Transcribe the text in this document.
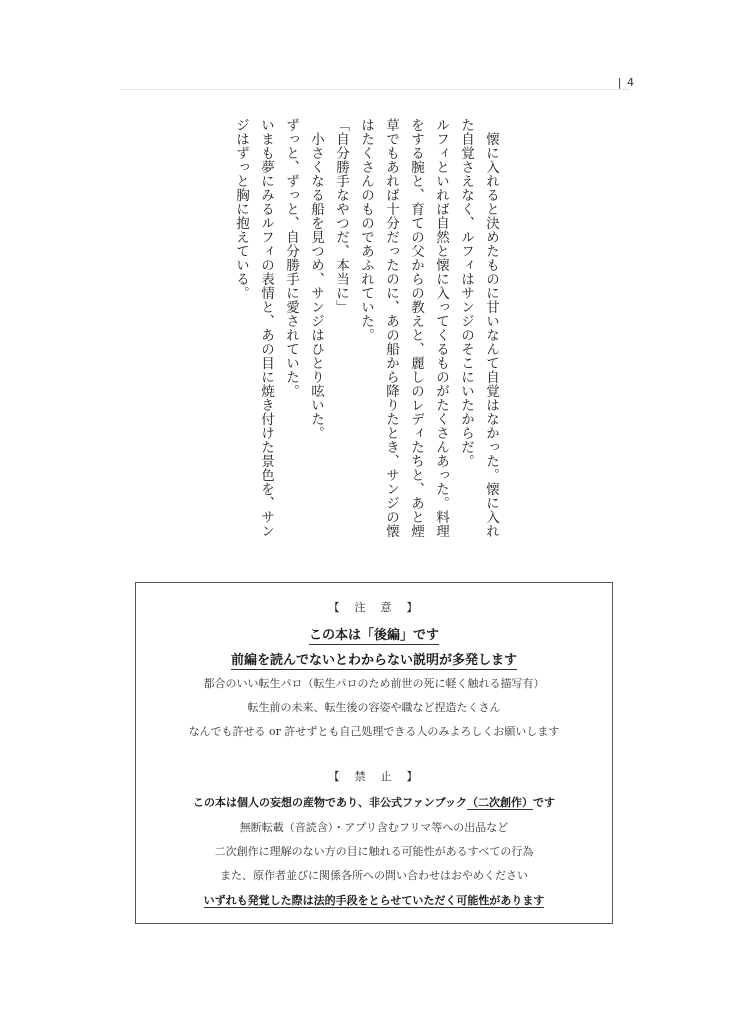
| 4

懐に入れると決めたものに甘いなんて自覚はなかった。懐に入れた自覚さえなく、ルフィはサンジのそこにいたからだ。

ルフィといれば自然と懐に入ってくるものがたくさんあった。料理をする腕と、育ての父からの教えと、麗しのレディたちと、あと煙草でもあれば十分だったのに、あの船から降りたとき、サンジの懐はたくさんのものであふれていた。

「自分勝手なやつだ、本当に」

小さくなる船を見つめ、サンジはひとり呟いた。

ずっと、ずっと、自分勝手に愛されていた。

いまも夢にみるルフィの表情と、あの目に焼き付けた景色を、サンジはずっと胸に抱えている。

【　注　意　】
この本は「後編」です
前編を読んでないとわからない説明が多発します
都合のいい転生パロ（転生パロのため前世の死に軽く触れる描写有）
転生前の未来、転生後の容姿や職など捏造たくさん
なんでも許せる or 許せずとも自己処理できる人のみよろしくお願いします
【　禁　止　】
この本は個人の妄想の産物であり、非公式ファンブック（二次創作）です
無断転載（音読含）・アプリ含むフリマ等への出品など
二次創作に理解のない方の目に触れる可能性があるすべての行為
また、原作者並びに関係各所への問い合わせはおやめください
いずれも発覚した際は法的手段をとらせていただく可能性があります
